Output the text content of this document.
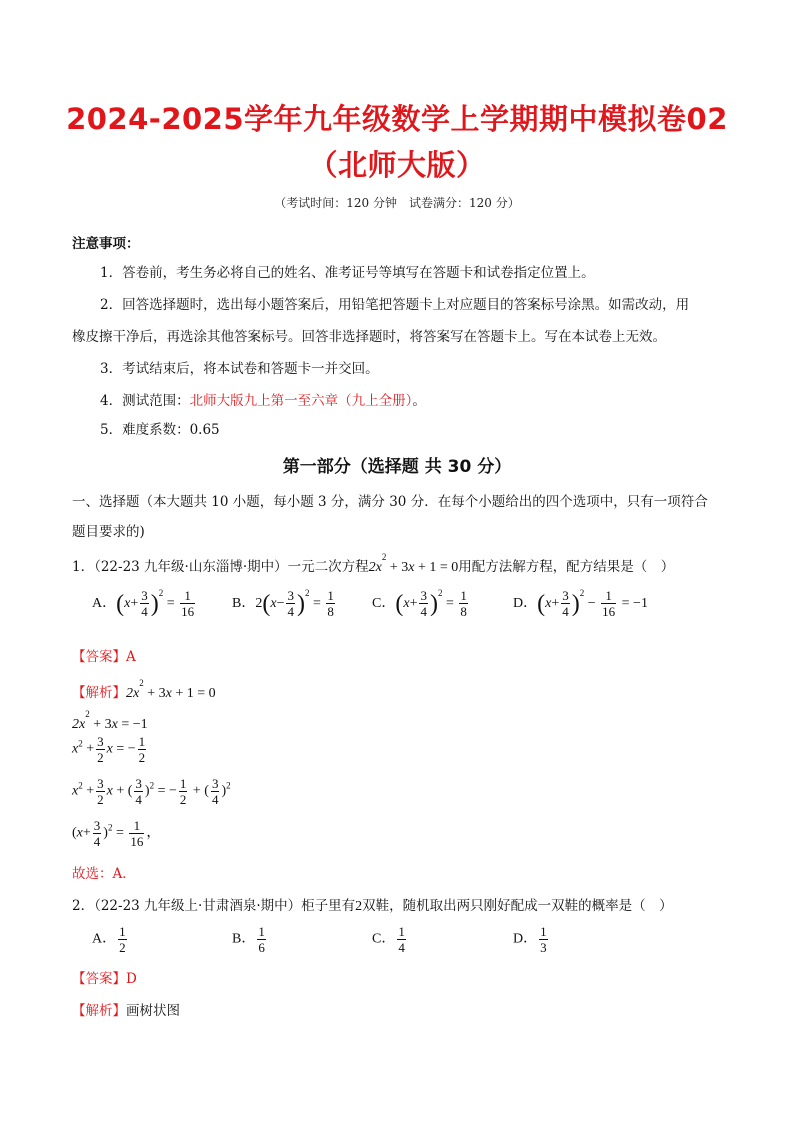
2024-2025学年九年级数学上学期期中模拟卷02（北师大版）
（考试时间：120 分钟　试卷满分：120 分）
注意事项：
1．答卷前，考生务必将自己的姓名、准考证号等填写在答题卡和试卷指定位置上。
2．回答选择题时，选出每小题答案后，用铅笔把答题卡上对应题目的答案标号涂黑。如需改动，用
橡皮擦干净后，再选涂其他答案标号。回答非选择题时，将答案写在答题卡上。写在本试卷上无效。
3．考试结束后，将本试卷和答题卡一并交回。
4．测试范围：北师大版九上第一至六章（九上全册）。
5．难度系数：0.65
第一部分（选择题 共 30 分）
一、选择题（本大题共 10 小题，每小题 3 分，满分 30 分．在每个小题给出的四个选项中，只有一项符合
题目要求的)
1．（22-23 九年级·山东淄博·期中）一元二次方程$2x^2 + 3x + 1 = 0$用配方法解方程，配方结果是（　）
A．$(x+ \frac{3}{4} )^2 = \frac{1}{16}$	B．$2(x- \frac{3}{4} )^2 = \frac{1}{8}$	C．$(x+ \frac{3}{4} )^2 = \frac{1}{8}$	D．$(x+ \frac{3}{4} )^2 - \frac{1}{16} = -1$
【答案】A
【解析】$2x^2 + 3x + 1 = 0$
$2x^2 + 3x = -1$
$x^2 + \frac{3}{2}$ x = − $\frac{1}{2}$
$x^2 + \frac{3}{2}$ x + ( $\frac{3}{4} )^2$ = − $\frac{1}{2}$ + ( $\frac{3}{4} )^2$
$(x+ \frac{3}{4} )^2 = \frac{1}{16}$ ，
故选：A．
2．（22-23 九年级上·甘肃酒泉·期中）柜子里有2双鞋，随机取出两只刚好配成一双鞋的概率是（　）
A． $\frac{1}{2}$	B． $\frac{1}{6}$	C． $\frac{1}{4}$	D． $\frac{1}{3}$
【答案】D
【解析】画树状图
